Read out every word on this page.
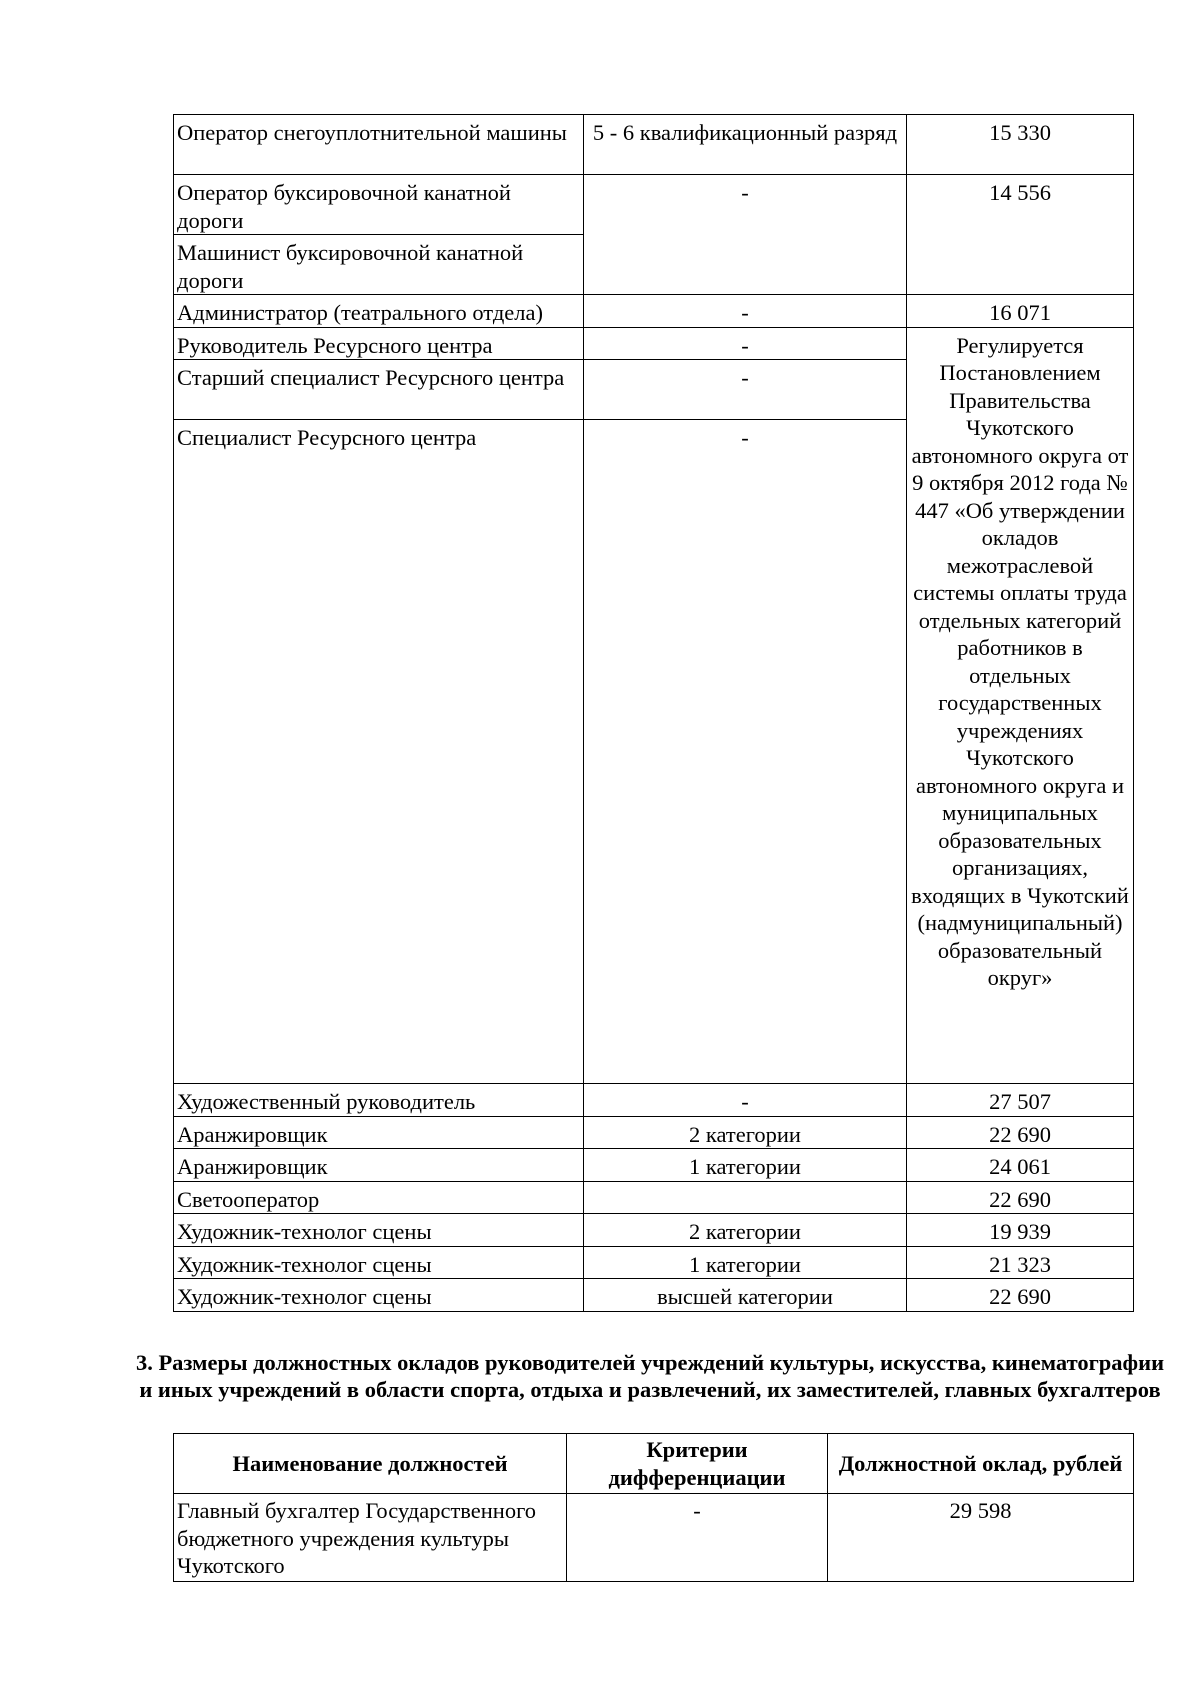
Оператор снегоуплотнительной машины	5 - 6 квалификационный разряд	15 330
Оператор буксировочной канатной дороги	-	14 556
Машинист буксировочной канатной дороги		
Администратор (театрального отдела)	-	16 071
Руководитель Ресурсного центра	-	Регулируется Постановлением Правительства Чукотского автономного округа от 9 октября 2012 года № 447 «Об утверждении окладов межотраслевой системы оплаты труда отдельных категорий работников в отдельных государственных учреждениях Чукотского автономного округа и муниципальных образовательных организациях, входящих в Чукотский (надмуниципальный) образовательный округ»
Старший специалист Ресурсного центра	-	
Специалист Ресурсного центра	-	
Художественный руководитель	-	27 507
Аранжировщик	2 категории	22 690
Аранжировщик	1 категории	24 061
Светооператор		22 690
Художник-технолог сцены	2 категории	19 939
Художник-технолог сцены	1 категории	21 323
Художник-технолог сцены	высшей категории	22 690
3. Размеры должностных окладов руководителей учреждений культуры, искусства, кинематографии и иных учреждений в области спорта, отдыха и развлечений, их заместителей, главных бухгалтеров
Наименование должностей	Критерии дифференциации	Должностной оклад, рублей
Главный бухгалтер Государственного бюджетного учреждения культуры Чукотского	-	29 598
